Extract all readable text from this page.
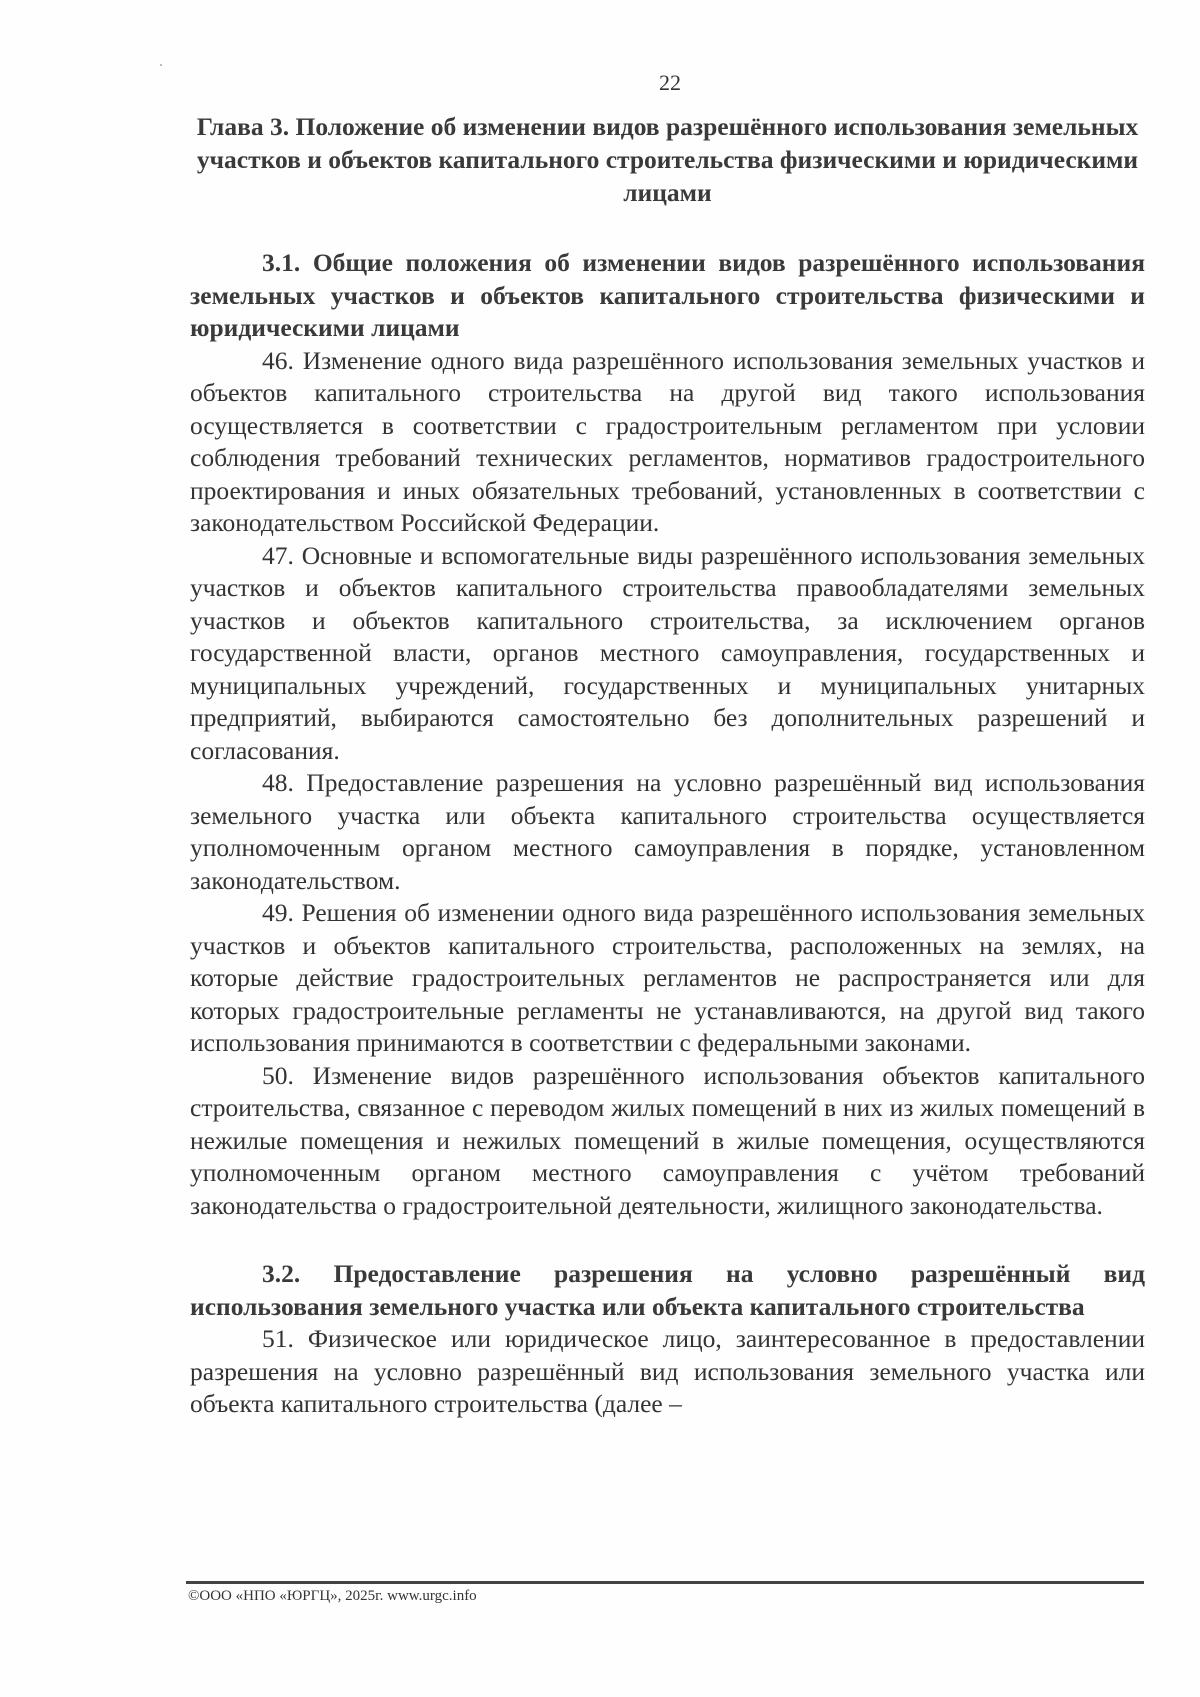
22
Глава 3. Положение об изменении видов разрешённого использования земельных участков и объектов капитального строительства физическими и юридическими лицами

3.1. Общие положения об изменении видов разрешённого использования земельных участков и объектов капитального строительства физическими и юридическими лицами

46. Изменение одного вида разрешённого использования земельных участков и объектов капитального строительства на другой вид такого использования осуществляется в соответствии с градостроительным регламентом при условии соблюдения требований технических регламентов, нормативов градостроительного проектирования и иных обязательных требований, установленных в соответствии с законодательством Российской Федерации.

47. Основные и вспомогательные виды разрешённого использования земельных участков и объектов капитального строительства правообладателями земельных участков и объектов капитального строительства, за исключением органов государственной власти, органов местного самоуправления, государственных и муниципальных учреждений, государственных и муниципальных унитарных предприятий, выбираются самостоятельно без дополнительных разрешений и согласования.

48. Предоставление разрешения на условно разрешённый вид использования земельного участка или объекта капитального строительства осуществляется уполномоченным органом местного самоуправления в порядке, установленном законодательством.

49. Решения об изменении одного вида разрешённого использования земельных участков и объектов капитального строительства, расположенных на землях, на которые действие градостроительных регламентов не распространяется или для которых градостроительные регламенты не устанавливаются, на другой вид такого использования принимаются в соответствии с федеральными законами.

50. Изменение видов разрешённого использования объектов капитального строительства, связанное с переводом жилых помещений в них из жилых помещений в нежилые помещения и нежилых помещений в жилые помещения, осуществляются уполномоченным органом местного самоуправления с учётом требований законодательства о градостроительной деятельности, жилищного законодательства.

3.2. Предоставление разрешения на условно разрешённый вид использования земельного участка или объекта капитального строительства

51. Физическое или юридическое лицо, заинтересованное в предоставлении разрешения на условно разрешённый вид использования земельного участка или объекта капитального строительства (далее –

©ООО «НПО «ЮРГЦ», 2025г. www.urgc.info
